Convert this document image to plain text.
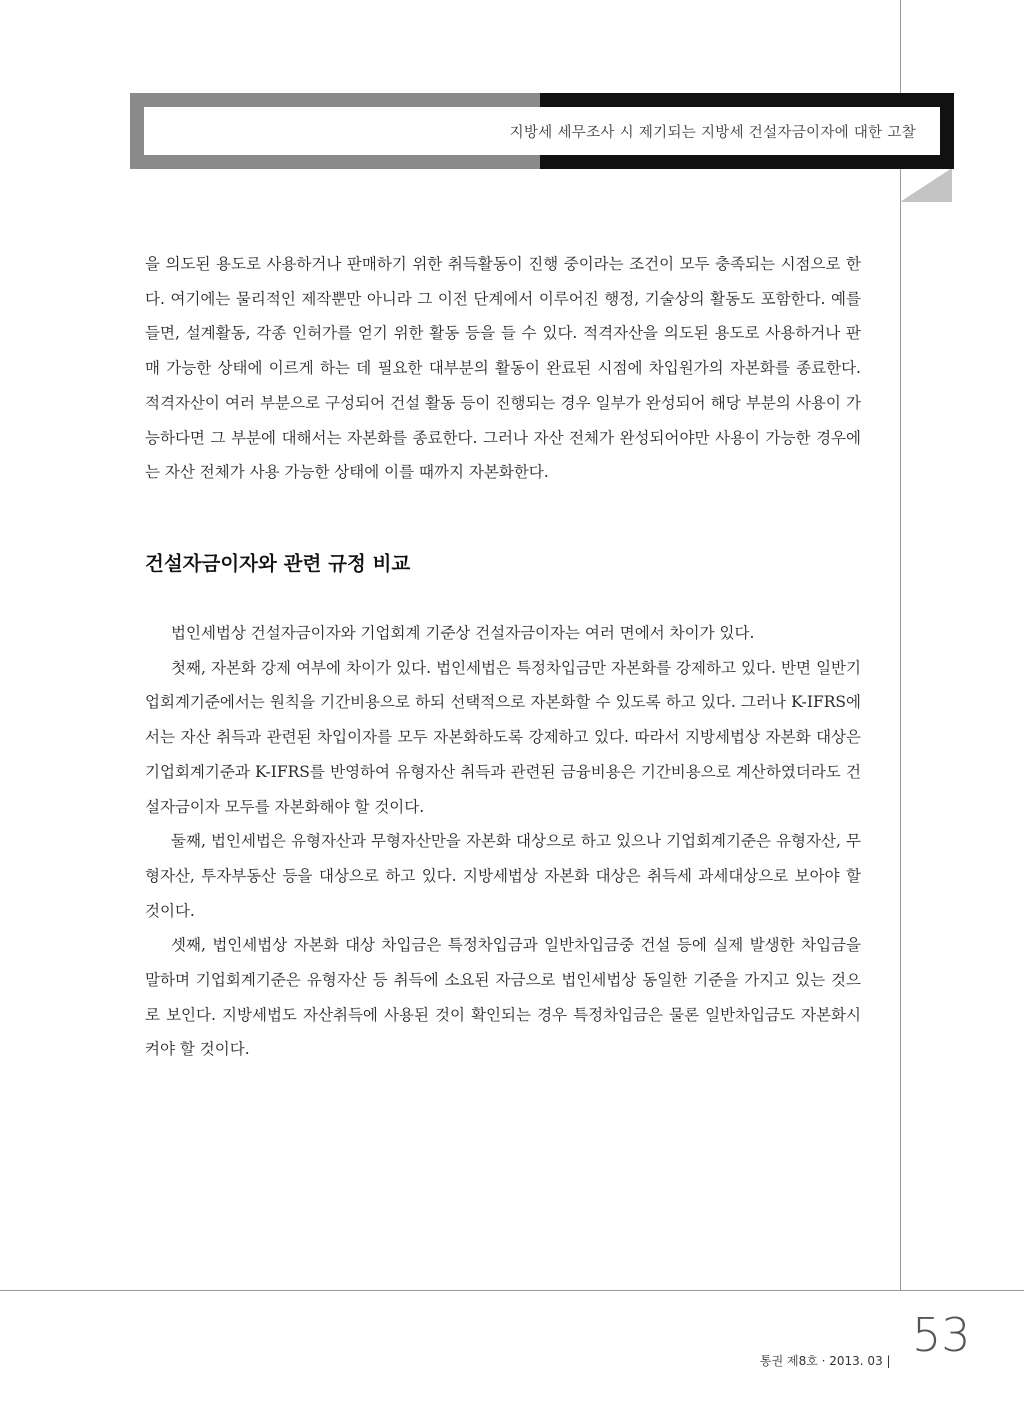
지방세 세무조사 시 제기되는 지방세 건설자금이자에 대한 고찰

을 의도된 용도로 사용하거나 판매하기 위한 취득활동이 진행 중이라는 조건이 모두 충족되는 시점으로 한다. 여기에는 물리적인 제작뿐만 아니라 그 이전 단계에서 이루어진 행정, 기술상의 활동도 포함한다. 예를 들면, 설계활동, 각종 인허가를 얻기 위한 활동 등을 들 수 있다. 적격자산을 의도된 용도로 사용하거나 판매 가능한 상태에 이르게 하는 데 필요한 대부분의 활동이 완료된 시점에 차입원가의 자본화를 종료한다. 적격자산이 여러 부분으로 구성되어 건설 활동 등이 진행되는 경우 일부가 완성되어 해당 부분의 사용이 가능하다면 그 부분에 대해서는 자본화를 종료한다. 그러나 자산 전체가 완성되어야만 사용이 가능한 경우에는 자산 전체가 사용 가능한 상태에 이를 때까지 자본화한다.

건설자금이자와 관련 규정 비교

법인세법상 건설자금이자와 기업회계 기준상 건설자금이자는 여러 면에서 차이가 있다.

첫째, 자본화 강제 여부에 차이가 있다. 법인세법은 특정차입금만 자본화를 강제하고 있다. 반면 일반기업회계기준에서는 원칙을 기간비용으로 하되 선택적으로 자본화할 수 있도록 하고 있다. 그러나 K-IFRS에서는 자산 취득과 관련된 차입이자를 모두 자본화하도록 강제하고 있다. 따라서 지방세법상 자본화 대상은 기업회계기준과 K-IFRS를 반영하여 유형자산 취득과 관련된 금융비용은 기간비용으로 계산하였더라도 건설자금이자 모두를 자본화해야 할 것이다.

둘째, 법인세법은 유형자산과 무형자산만을 자본화 대상으로 하고 있으나 기업회계기준은 유형자산, 무형자산, 투자부동산 등을 대상으로 하고 있다. 지방세법상 자본화 대상은 취득세 과세대상으로 보아야 할 것이다.

셋째, 법인세법상 자본화 대상 차입금은 특정차입금과 일반차입금중 건설 등에 실제 발생한 차입금을 말하며 기업회계기준은 유형자산 등 취득에 소요된 자금으로 법인세법상 동일한 기준을 가지고 있는 것으로 보인다. 지방세법도 자산취득에 사용된 것이 확인되는 경우 특정차입금은 물론 일반차입금도 자본화시켜야 할 것이다.

통권 제8호 · 2013. 03 | 53
